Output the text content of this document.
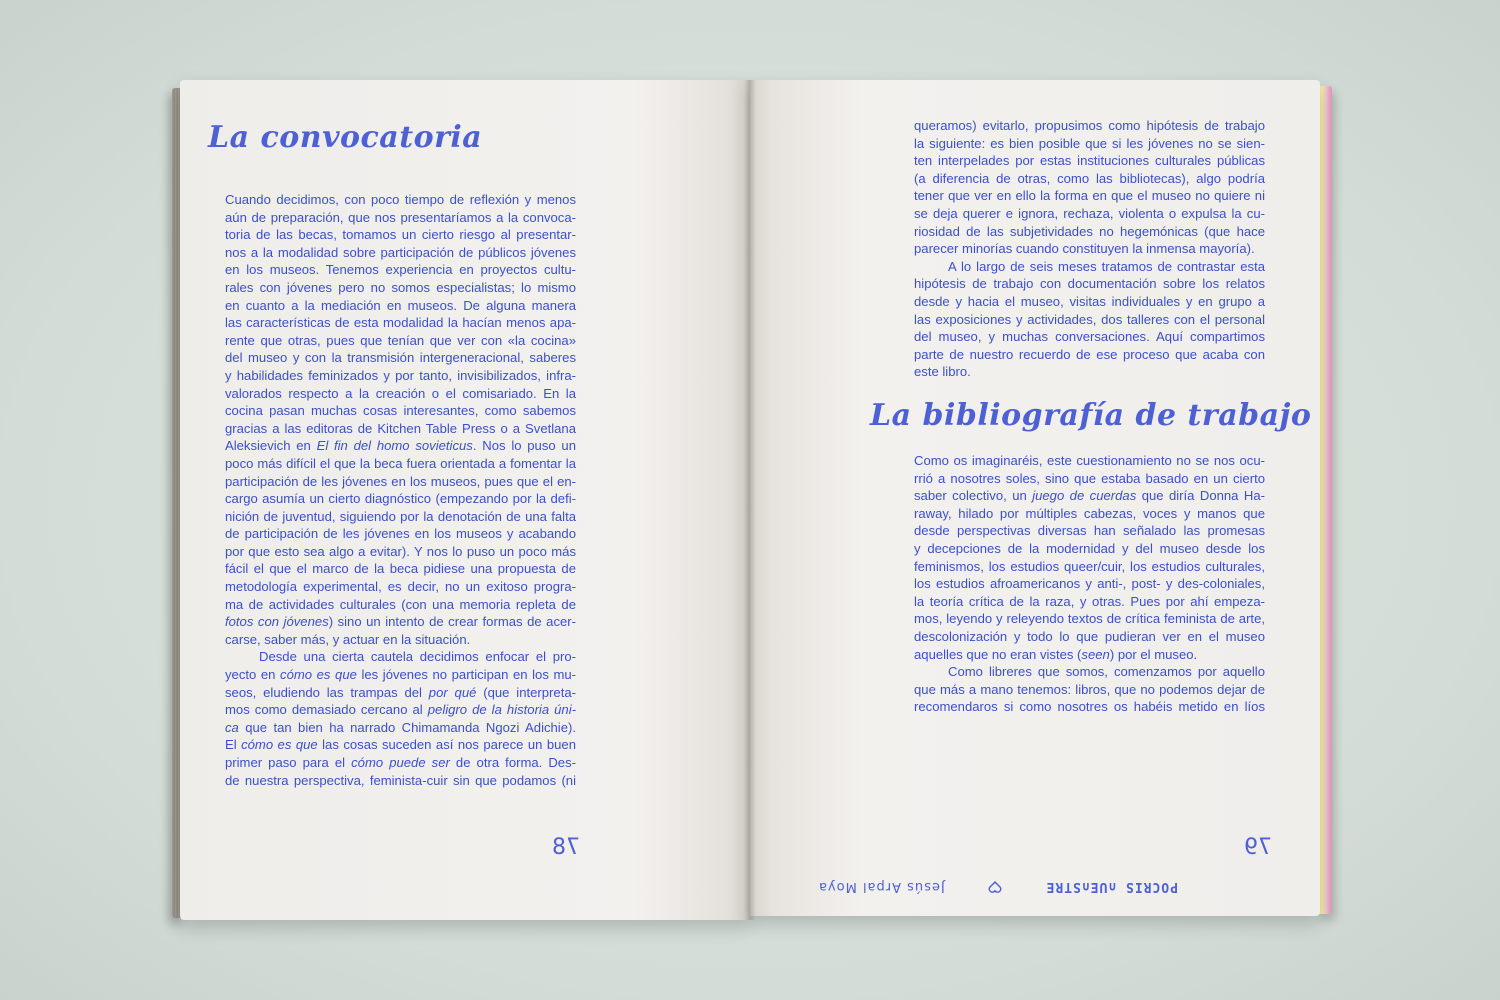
La convocatoria

Cuando decidimos, con poco tiempo de reflexión y menos
aún de preparación, que nos presentaríamos a la convoca-
toria de las becas, tomamos un cierto riesgo al presentar-
nos a la modalidad sobre participación de públicos jóvenes
en los museos. Tenemos experiencia en proyectos cultu-
rales con jóvenes pero no somos especialistas; lo mismo
en cuanto a la mediación en museos. De alguna manera
las características de esta modalidad la hacían menos apa-
rente que otras, pues que tenían que ver con «la cocina»
del museo y con la transmisión intergeneracional, saberes
y habilidades feminizados y por tanto, invisibilizados, infra-
valorados respecto a la creación o el comisariado. En la
cocina pasan muchas cosas interesantes, como sabemos
gracias a las editoras de Kitchen Table Press o a Svetlana
Aleksievich en El fin del homo sovieticus. Nos lo puso un
poco más difícil el que la beca fuera orientada a fomentar la
participación de les jóvenes en los museos, pues que el en-
cargo asumía un cierto diagnóstico (empezando por la defi-
nición de juventud, siguiendo por la denotación de una falta
de participación de les jóvenes en los museos y acabando
por que esto sea algo a evitar). Y nos lo puso un poco más
fácil el que el marco de la beca pidiese una propuesta de
metodología experimental, es decir, no un exitoso progra-
ma de actividades culturales (con una memoria repleta de
fotos con jóvenes) sino un intento de crear formas de acer-
carse, saber más, y actuar en la situación.

Desde una cierta cautela decidimos enfocar el pro-
yecto en cómo es que les jóvenes no participan en los mu-
seos, eludiendo las trampas del por qué (que interpreta-
mos como demasiado cercano al peligro de la historia úni-
ca que tan bien ha narrado Chimamanda Ngozi Adichie).
El cómo es que las cosas suceden así nos parece un buen
primer paso para el cómo puede ser de otra forma. Des-
de nuestra perspectiva, feminista-cuir sin que podamos (ni

78

queramos) evitarlo, propusimos como hipótesis de trabajo
la siguiente: es bien posible que si les jóvenes no se sien-
ten interpelades por estas instituciones culturales públicas
(a diferencia de otras, como las bibliotecas), algo podría
tener que ver en ello la forma en que el museo no quiere ni
se deja querer e ignora, rechaza, violenta o expulsa la cu-
riosidad de las subjetividades no hegemónicas (que hace
parecer minorías cuando constituyen la inmensa mayoría).

A lo largo de seis meses tratamos de contrastar esta
hipótesis de trabajo con documentación sobre los relatos
desde y hacia el museo, visitas individuales y en grupo a
las exposiciones y actividades, dos talleres con el personal
del museo, y muchas conversaciones. Aquí compartimos
parte de nuestro recuerdo de ese proceso que acaba con
este libro.

La bibliografía de trabajo

Como os imaginaréis, este cuestionamiento no se nos ocu-
rrió a nosotres soles, sino que estaba basado en un cierto
saber colectivo, un juego de cuerdas que diría Donna Ha-
raway, hilado por múltiples cabezas, voces y manos que
desde perspectivas diversas han señalado las promesas
y decepciones de la modernidad y del museo desde los
feminismos, los estudios queer/cuir, los estudios culturales,
los estudios afroamericanos y anti-, post- y des-coloniales,
la teoría crítica de la raza, y otras. Pues por ahí empeza-
mos, leyendo y releyendo textos de crítica feminista de arte,
descolonización y todo lo que pudieran ver en el museo
aquelles que no eran vistes (seen) por el museo.

Como libreres que somos, comenzamos por aquello
que más a mano tenemos: libros, que no podemos dejar de
recomendaros si como nosotres os habéis metido en líos

79
POCRIS ∩UE∩STRE
Jesús Arpal Moya
